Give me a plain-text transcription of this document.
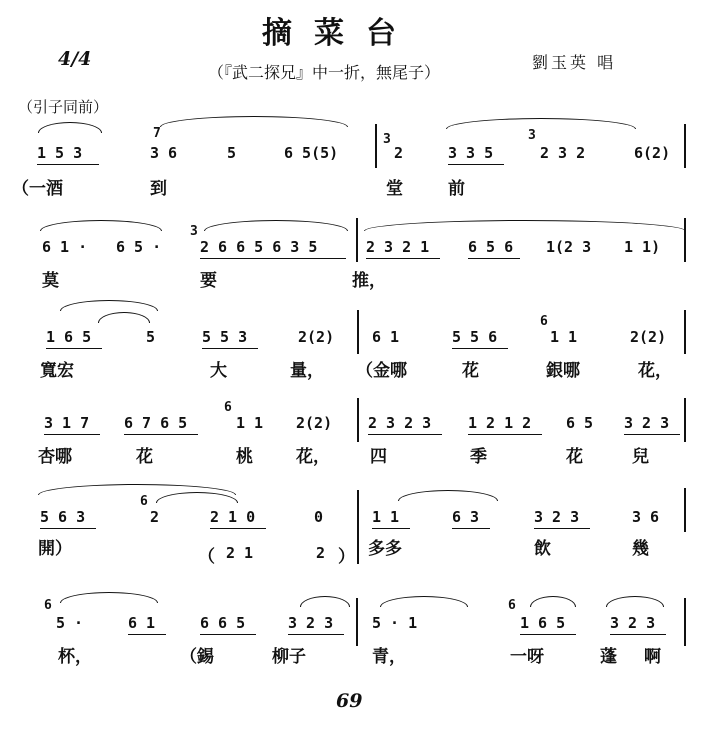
摘菜台
4/4
（『武二探兄』中一折，無尾子）
劉玉英 唱
（引子同前）
7
1 5 3	3 6	5	6 5(5)
3
2
3
3 3 5	2 3 2	6(2)
（一酒	到	堂	前
3
6 1 · 6 5 ·	2 6 6 5 6 3 5	2 3 2 1	6 5 6 1(2 3 1 1)
莫	要	推，
6
1 6 5	5	5 5 3	2(2)	6 1	5 5 6	1 1	2(2)
寬宏	大	量， （金哪	花	銀哪	花，
6
3 1 7 6 7 6 5	1 1 2(2) 2 3 2 3 1 2 1 2 6 5 3 2 3
杏哪	花	桃	花， 四	季	花	兒
6
5 6 3	2	2 1 0	0	1 1	6 3	3 2 3	3 6
開）	（ 2 1	2 ） 多多	飲	幾
6	6
5 ·	6 1	6 6 5	3 2 3	5 · 1	1 6 5	3 2 3
杯，	（錫	柳子	青，	一呀	蓬 啊
69
